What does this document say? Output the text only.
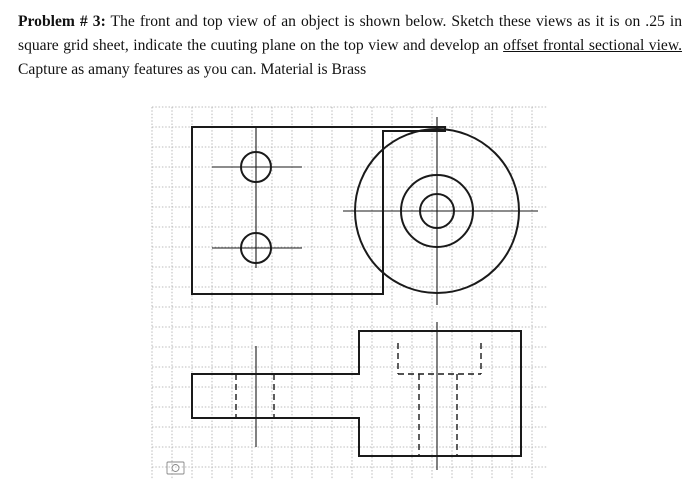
Problem # 3: The front and top view of an object is shown below. Sketch these views as it is on .25 in square grid sheet, indicate the cuuting plane on the top view and develop an offset frontal sectional view. Capture as amany features as you can. Material is Brass
